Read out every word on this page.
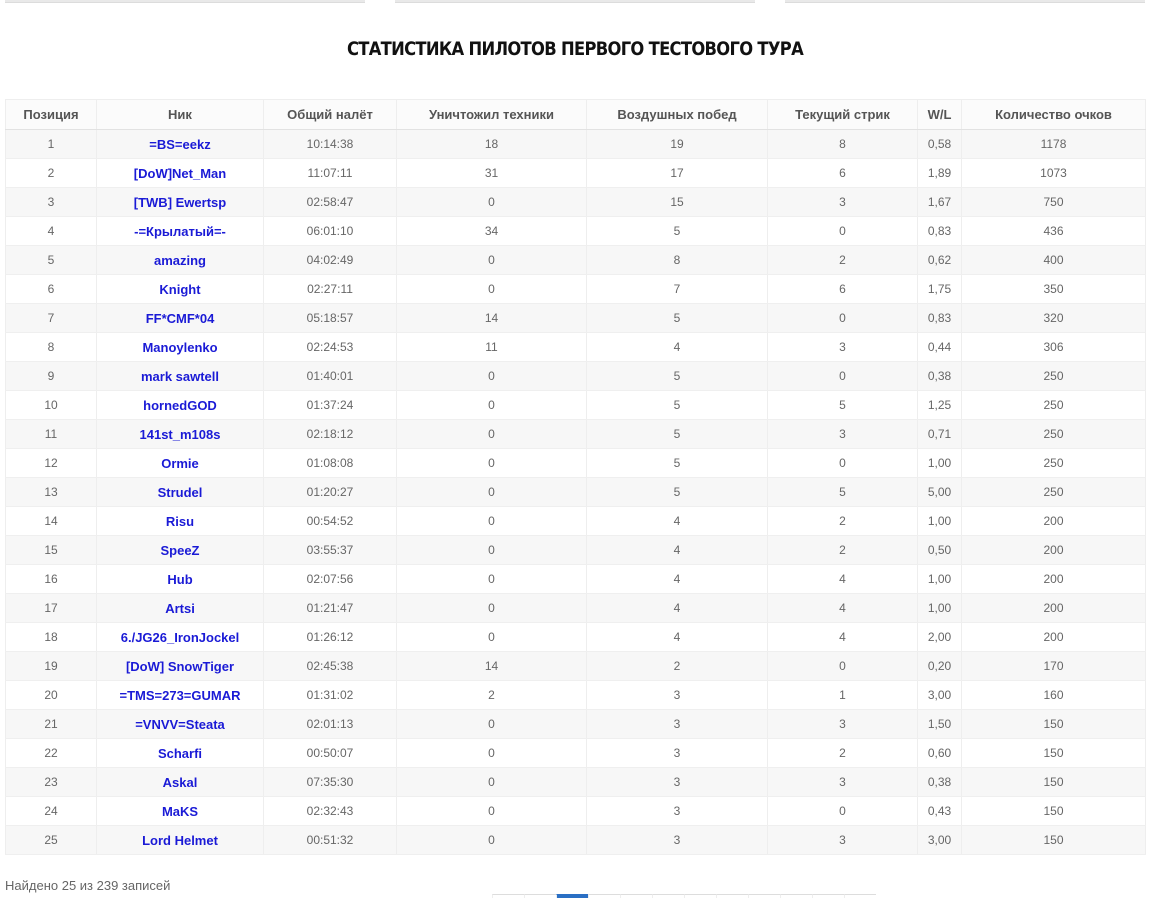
СТАТИСТИКА ПИЛОТОВ ПЕРВОГО ТЕСТОВОГО ТУРА
Позиция	Ник	Общий налёт	Уничтожил техники	Воздушных побед	Текущий стрик	W/L	Количество очков
1	=BS=eekz	10:14:38	18	19	8	0,58	1178
2	[DoW]Net_Man	11:07:11	31	17	6	1,89	1073
3	[TWB] Ewertsp	02:58:47	0	15	3	1,67	750
4	-=Крылатый=-	06:01:10	34	5	0	0,83	436
5	amazing	04:02:49	0	8	2	0,62	400
6	Knight	02:27:11	0	7	6	1,75	350
7	FF*CMF*04	05:18:57	14	5	0	0,83	320
8	Manoylenko	02:24:53	11	4	3	0,44	306
9	mark sawtell	01:40:01	0	5	0	0,38	250
10	hornedGOD	01:37:24	0	5	5	1,25	250
11	141st_m108s	02:18:12	0	5	3	0,71	250
12	Ormie	01:08:08	0	5	0	1,00	250
13	Strudel	01:20:27	0	5	5	5,00	250
14	Risu	00:54:52	0	4	2	1,00	200
15	SpeeZ	03:55:37	0	4	2	0,50	200
16	Hub	02:07:56	0	4	4	1,00	200
17	Artsi	01:21:47	0	4	4	1,00	200
18	6./JG26_IronJockel	01:26:12	0	4	4	2,00	200
19	[DoW] SnowTiger	02:45:38	14	2	0	0,20	170
20	=TMS=273=GUMAR	01:31:02	2	3	1	3,00	160
21	=VNVV=Steata	02:01:13	0	3	3	1,50	150
22	Scharfi	00:50:07	0	3	2	0,60	150
23	Askal	07:35:30	0	3	3	0,38	150
24	MaKS	02:32:43	0	3	0	0,43	150
25	Lord Helmet	00:51:32	0	3	3	3,00	150
Найдено 25 из 239 записей
